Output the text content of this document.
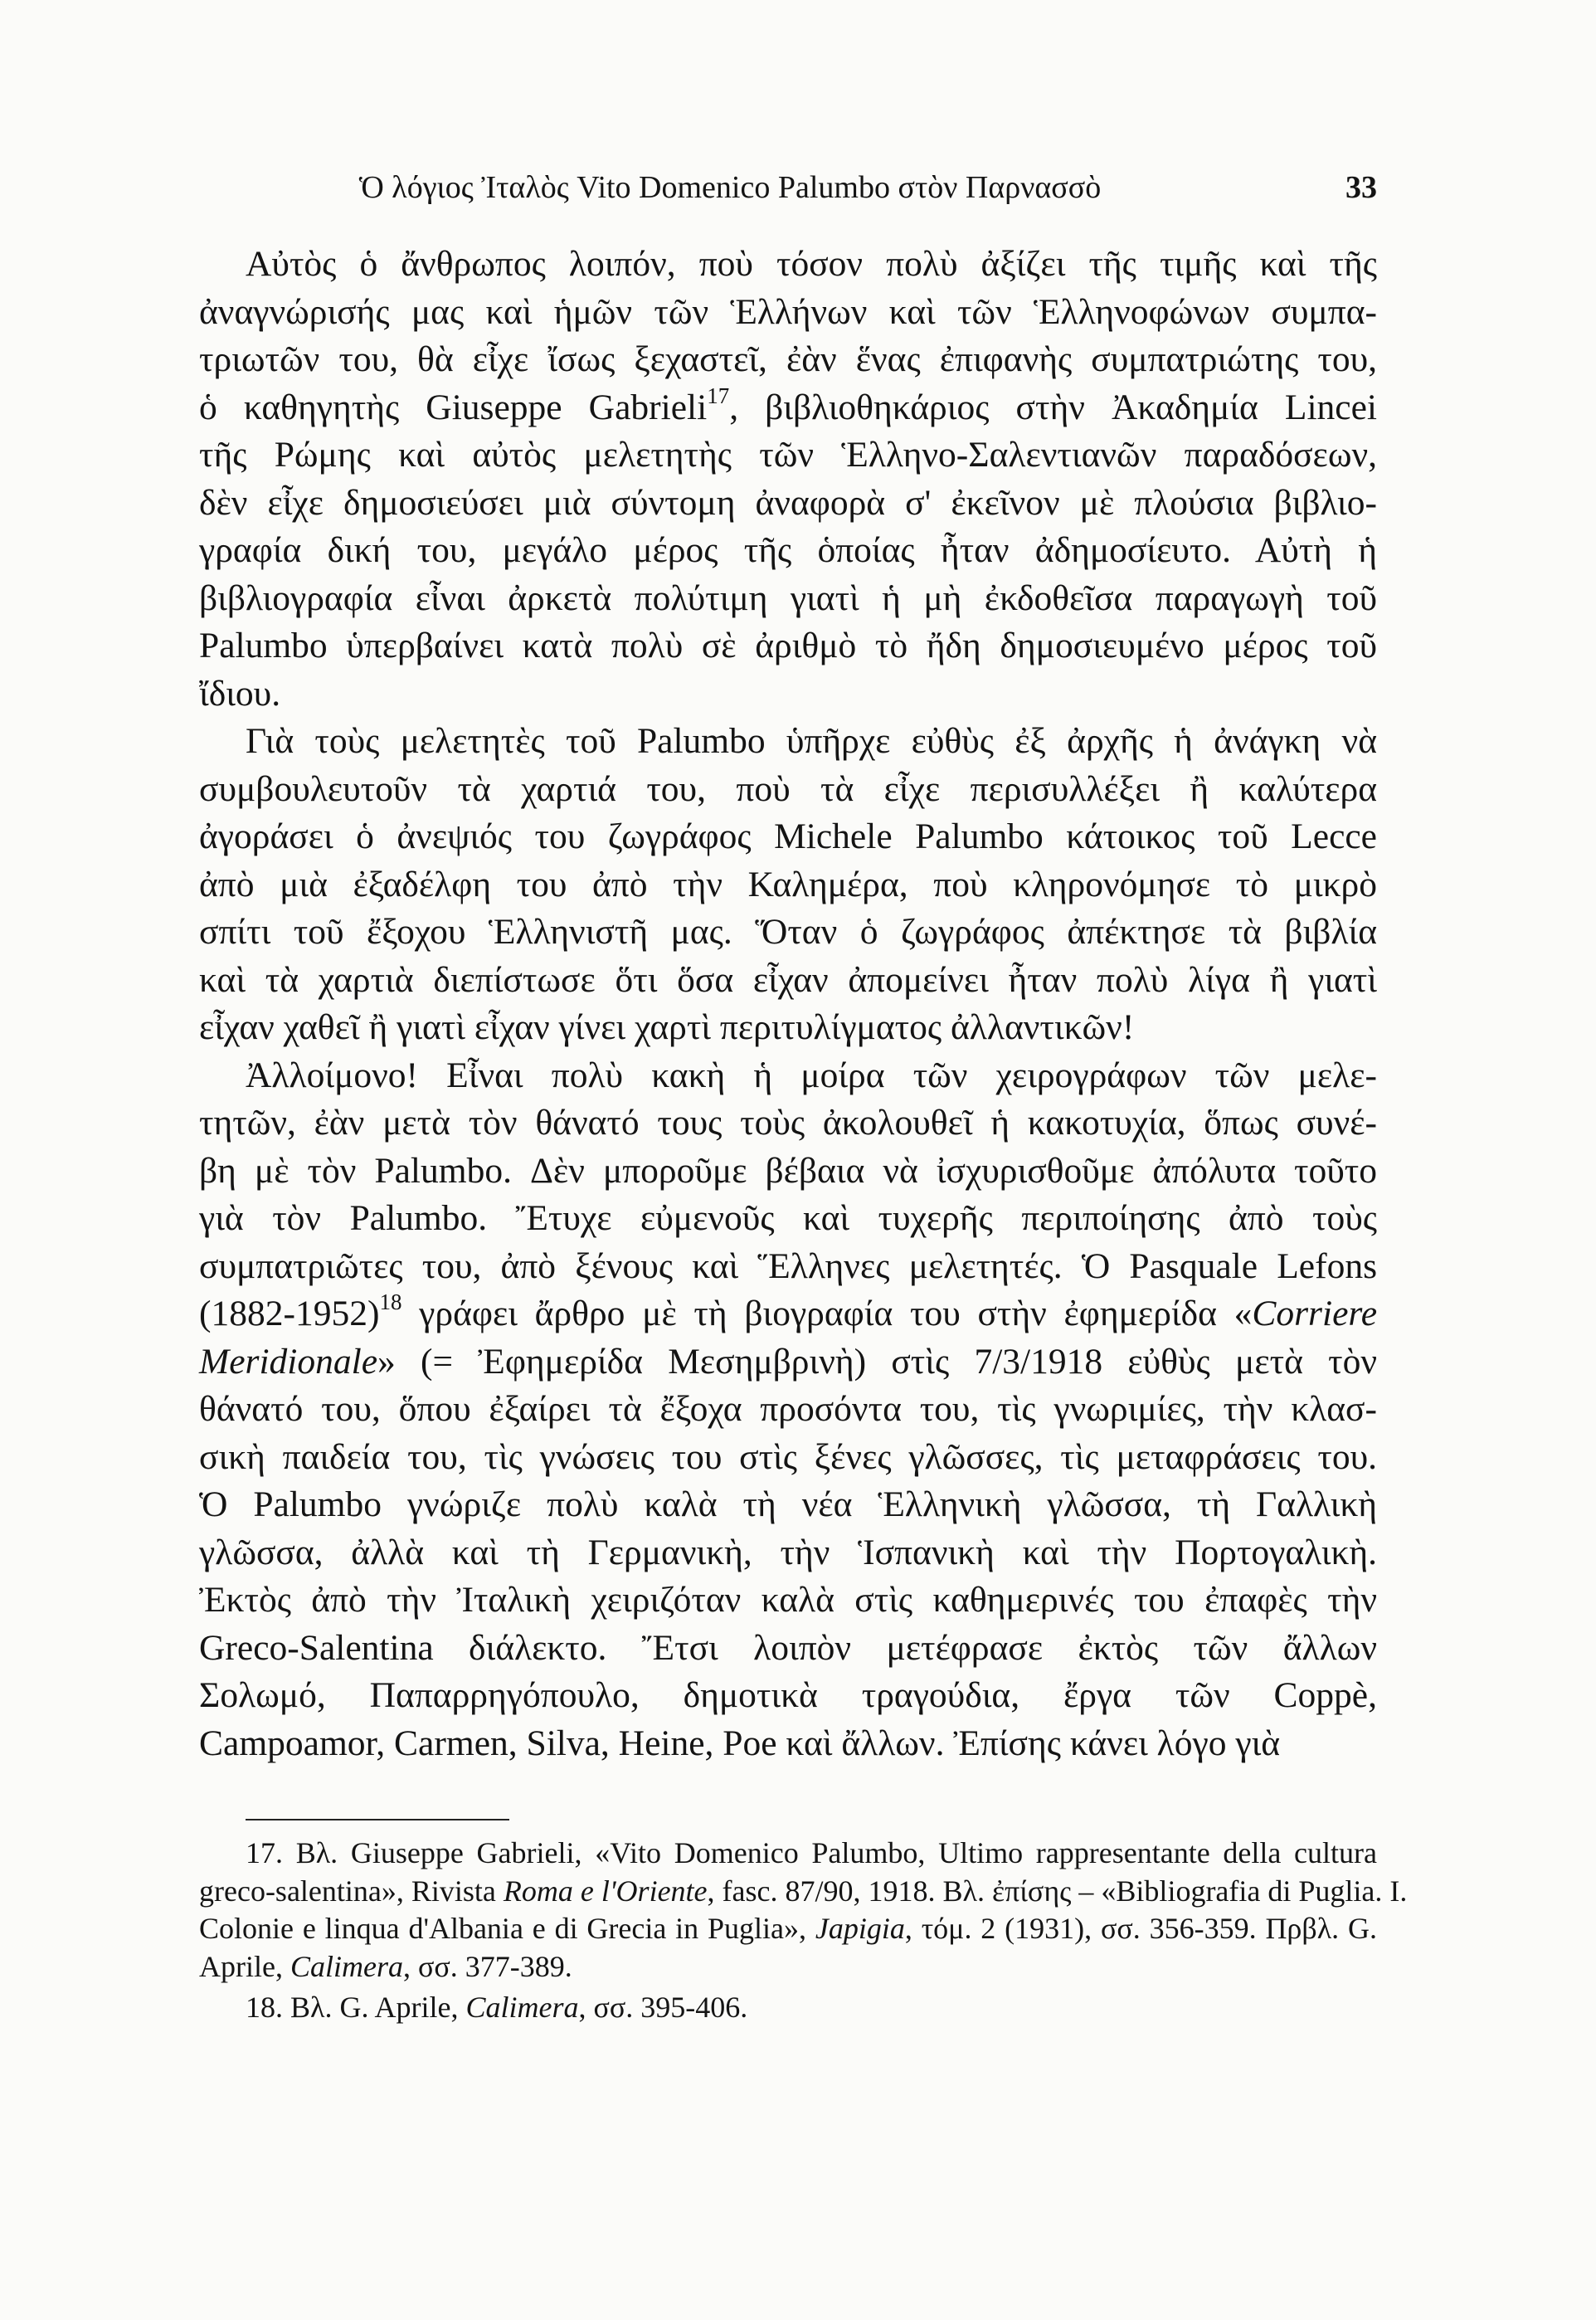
Ὁ λόγιος Ἰταλὸς Vito Domenico Palumbo στὸν Παρνασσὸ	33
Αὐτὸς ὁ ἄνθρωπος λοιπόν, ποὺ τόσον πολὺ ἀξίζει τῆς τιμῆς καὶ τῆς
ἀναγνώρισής μας καὶ ἡμῶν τῶν Ἑλλήνων καὶ τῶν Ἑλληνοφώνων συμπα-
τριωτῶν του, θὰ εἶχε ἴσως ξεχαστεῖ, ἐὰν ἕνας ἐπιφανὴς συμπατριώτης του,
ὁ καθηγητὴς Giuseppe Gabrieli$^{17}$, βιβλιοθηκάριος στὴν Ἀκαδημία Lincei
τῆς Ρώμης καὶ αὐτὸς μελετητὴς τῶν Ἑλληνο-Σαλεντιανῶν παραδόσεων,
δὲν εἶχε δημοσιεύσει μιὰ σύντομη ἀναφορὰ σ' ἐκεῖνον μὲ πλούσια βιβλιο-
γραφία δική του, μεγάλο μέρος τῆς ὁποίας ἦταν ἀδημοσίευτο. Αὐτὴ ἡ
βιβλιογραφία εἶναι ἀρκετὰ πολύτιμη γιατὶ ἡ μὴ ἐκδοθεῖσα παραγωγὴ τοῦ
Palumbo ὑπερβαίνει κατὰ πολὺ σὲ ἀριθμὸ τὸ ἤδη δημοσιευμένο μέρος τοῦ
ἴδιου.
Γιὰ τοὺς μελετητὲς τοῦ Palumbo ὑπῆρχε εὐθὺς ἐξ ἀρχῆς ἡ ἀνάγκη νὰ
συμβουλευτοῦν τὰ χαρτιά του, ποὺ τὰ εἶχε περισυλλέξει ἢ καλύτερα
ἀγοράσει ὁ ἀνεψιός του ζωγράφος Michele Palumbo κάτοικος τοῦ Lecce
ἀπὸ μιὰ ἐξαδέλφη του ἀπὸ τὴν Καλημέρα, ποὺ κληρονόμησε τὸ μικρὸ
σπίτι τοῦ ἔξοχου Ἑλληνιστῆ μας. Ὅταν ὁ ζωγράφος ἀπέκτησε τὰ βιβλία
καὶ τὰ χαρτιὰ διεπίστωσε ὅτι ὅσα εἶχαν ἀπομείνει ἦταν πολὺ λίγα ἢ γιατὶ
εἶχαν χαθεῖ ἢ γιατὶ εἶχαν γίνει χαρτὶ περιτυλίγματος ἀλλαντικῶν!
Ἀλλοίμονο! Εἶναι πολὺ κακὴ ἡ μοίρα τῶν χειρογράφων τῶν μελε-
τητῶν, ἐὰν μετὰ τὸν θάνατό τους τοὺς ἀκολουθεῖ ἡ κακοτυχία, ὅπως συνέ-
βη μὲ τὸν Palumbo. Δὲν μποροῦμε βέβαια νὰ ἰσχυρισθοῦμε ἀπόλυτα τοῦτο
γιὰ τὸν Palumbo. Ἔτυχε εὐμενοῦς καὶ τυχερῆς περιποίησης ἀπὸ τοὺς
συμπατριῶτες του, ἀπὸ ξένους καὶ Ἕλληνες μελετητές. Ὁ Pasquale Lefons
(1882-1952)$^{18}$ γράφει ἄρθρο μὲ τὴ βιογραφία του στὴν ἐφημερίδα «Corriere
Meridionale» (= Ἐφημερίδα Μεσημβρινὴ) στὶς 7/3/1918 εὐθὺς μετὰ τὸν
θάνατό του, ὅπου ἐξαίρει τὰ ἔξοχα προσόντα του, τὶς γνωριμίες, τὴν κλασ-
σικὴ παιδεία του, τὶς γνώσεις του στὶς ξένες γλῶσσες, τὶς μεταφράσεις του.
Ὁ Palumbo γνώριζε πολὺ καλὰ τὴ νέα Ἑλληνικὴ γλῶσσα, τὴ Γαλλικὴ
γλῶσσα, ἀλλὰ καὶ τὴ Γερμανικὴ, τὴν Ἱσπανικὴ καὶ τὴν Πορτογαλικὴ.
Ἐκτὸς ἀπὸ τὴν Ἰταλικὴ χειριζόταν καλὰ στὶς καθημερινές του ἐπαφὲς τὴν
Greco-Salentina διάλεκτο. Ἔτσι λοιπὸν μετέφρασε ἐκτὸς τῶν ἄλλων
Σολωμό, Παπαρρηγόπουλο, δημοτικὰ τραγούδια, ἔργα τῶν Coppè,
Campoamor, Carmen, Silva, Heine, Poe καὶ ἄλλων. Ἐπίσης κάνει λόγο γιὰ
17. Βλ. Giuseppe Gabrieli, «Vito Domenico Palumbo, Ultimo rappresentante della cultura
greco-salentina», Rivista Roma e l'Oriente, fasc. 87/90, 1918. Βλ. ἐπίσης – «Bibliografia di Puglia. I.
Colonie e linqua d'Albania e di Grecia in Puglia», Japigia, τόμ. 2 (1931), σσ. 356-359. Πρβλ. G.
Aprile, Calimera, σσ. 377-389.
18. Βλ. G. Aprile, Calimera, σσ. 395-406.
